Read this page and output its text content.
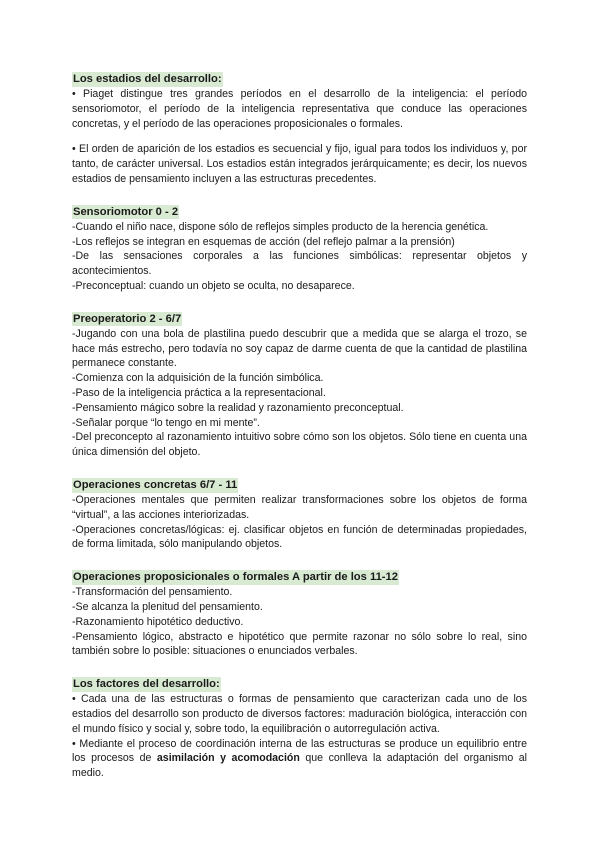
Los estadios del desarrollo:
• Piaget distingue tres grandes períodos en el desarrollo de la inteligencia: el período sensoriomotor, el período de la inteligencia representativa que conduce las operaciones concretas, y el período de las operaciones proposicionales o formales.
• El orden de aparición de los estadios es secuencial y fijo, igual para todos los individuos y, por tanto, de carácter universal. Los estadios están integrados jerárquicamente; es decir, los nuevos estadios de pensamiento incluyen a las estructuras precedentes.
Sensoriomotor 0 - 2
-Cuando el niño nace, dispone sólo de reflejos simples producto de la herencia genética.
-Los reflejos se integran en esquemas de acción (del reflejo palmar a la prensión)
-De las sensaciones corporales a las funciones simbólicas: representar objetos y acontecimientos.
-Preconceptual: cuando un objeto se oculta, no desaparece.
Preoperatorio 2 - 6/7
-Jugando con una bola de plastilina puedo descubrir que a medida que se alarga el trozo, se hace más estrecho, pero todavía no soy capaz de darme cuenta de que la cantidad de plastilina permanece constante.
-Comienza con la adquisición de la función simbólica.
-Paso de la inteligencia práctica a la representacional.
-Pensamiento mágico sobre la realidad y razonamiento preconceptual.
-Señalar porque “lo tengo en mi mente”.
-Del preconcepto al razonamiento intuitivo sobre cómo son los objetos. Sólo tiene en cuenta una única dimensión del objeto.
Operaciones concretas 6/7 - 11
-Operaciones mentales que permiten realizar transformaciones sobre los objetos de forma “virtual”, a las acciones interiorizadas.
-Operaciones concretas/lógicas: ej. clasificar objetos en función de determinadas propiedades, de forma limitada, sólo manipulando objetos.
Operaciones proposicionales o formales A partir de los 11-12
-Transformación del pensamiento.
-Se alcanza la plenitud del pensamiento.
-Razonamiento hipotético deductivo.
-Pensamiento lógico, abstracto e hipotético que permite razonar no sólo sobre lo real, sino también sobre lo posible: situaciones o enunciados verbales.
Los factores del desarrollo:
• Cada una de las estructuras o formas de pensamiento que caracterizan cada uno de los estadios del desarrollo son producto de diversos factores: maduración biológica, interacción con el mundo físico y social y, sobre todo, la equilibración o autorregulación activa.
• Mediante el proceso de coordinación interna de las estructuras se produce un equilibrio entre los procesos de asimilación y acomodación que conlleva la adaptación del organismo al medio.
